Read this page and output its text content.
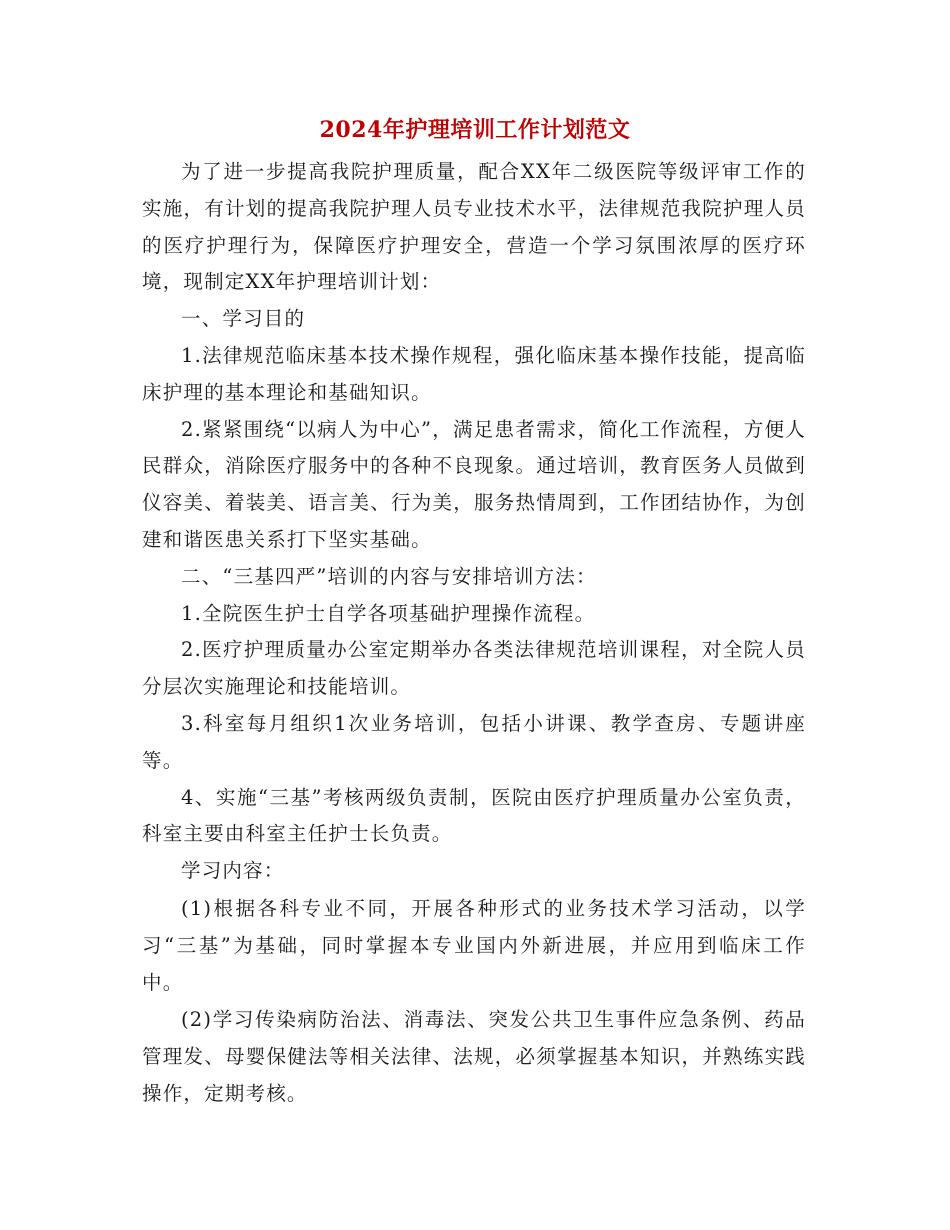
2024年护理培训工作计划范文

为了进一步提高我院护理质量，配合XX年二级医院等级评审工作的实施，有计划的提高我院护理人员专业技术水平，法律规范我院护理人员的医疗护理行为，保障医疗护理安全，营造一个学习氛围浓厚的医疗环境，现制定XX年护理培训计划：

一、学习目的

1.法律规范临床基本技术操作规程，强化临床基本操作技能，提高临床护理的基本理论和基础知识。

2.紧紧围绕“以病人为中心”，满足患者需求，简化工作流程，方便人民群众，消除医疗服务中的各种不良现象。通过培训，教育医务人员做到仪容美、着装美、语言美、行为美，服务热情周到，工作团结协作，为创建和谐医患关系打下坚实基础。

二、“三基四严”培训的内容与安排培训方法：

1.全院医生护士自学各项基础护理操作流程。

2.医疗护理质量办公室定期举办各类法律规范培训课程，对全院人员分层次实施理论和技能培训。

3.科室每月组织1次业务培训，包括小讲课、教学查房、专题讲座等。

4、实施“三基”考核两级负责制，医院由医疗护理质量办公室负责，科室主要由科室主任护士长负责。

学习内容：

(1)根据各科专业不同，开展各种形式的业务技术学习活动，以学习“三基”为基础，同时掌握本专业国内外新进展，并应用到临床工作中。

(2)学习传染病防治法、消毒法、突发公共卫生事件应急条例、药品管理发、母婴保健法等相关法律、法规，必须掌握基本知识，并熟练实践操作，定期考核。
